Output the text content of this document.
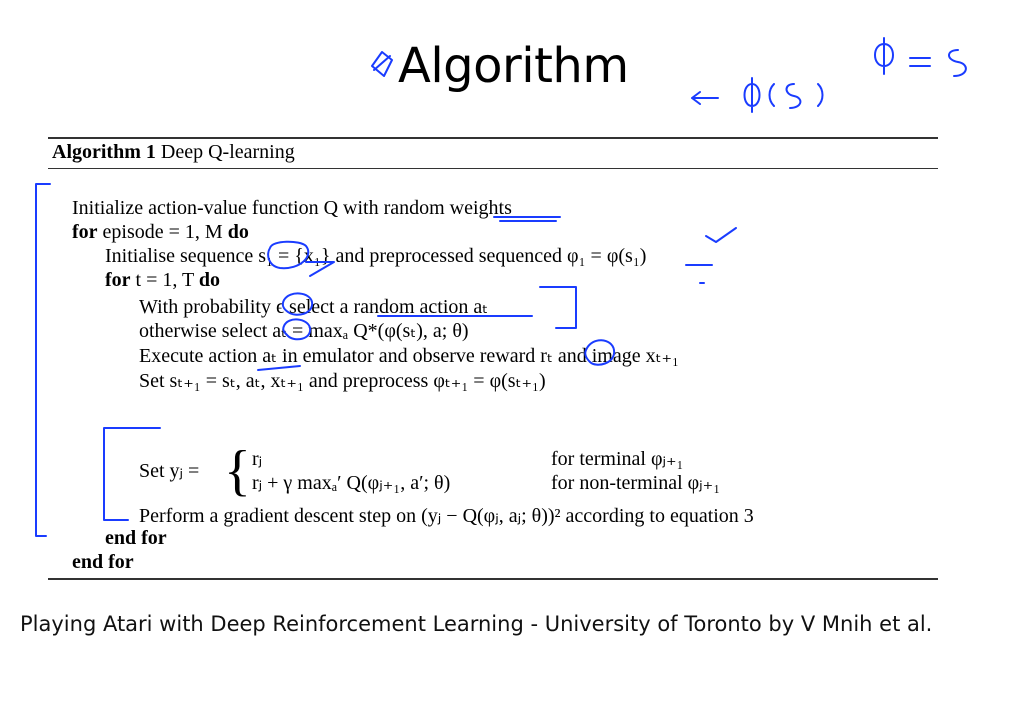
Algorithm
Algorithm 1 Deep Q-learning
Initialize action-value function Q with random weights
for episode = 1, M do
Initialise sequence s₁ = {x₁} and preprocessed sequenced φ₁ = φ(s₁)
for t = 1, T do
With probability ϵ select a random action aₜ
otherwise select aₜ = maxₐ Q*(φ(sₜ), a; θ)
Execute action aₜ in emulator and observe reward rₜ and image xₜ₊₁
Set sₜ₊₁ = sₜ, aₜ, xₜ₊₁ and preprocess φₜ₊₁ = φ(sₜ₊₁)
Set yⱼ = { rⱼ	for terminal φⱼ₊₁
rⱼ + γ maxₐ′ Q(φⱼ₊₁, a′; θ)	for non-terminal φⱼ₊₁
Perform a gradient descent step on (yⱼ − Q(φⱼ, aⱼ; θ))² according to equation 3
end for
end for
Playing Atari with Deep Reinforcement Learning - University of Toronto by V Mnih et al.
